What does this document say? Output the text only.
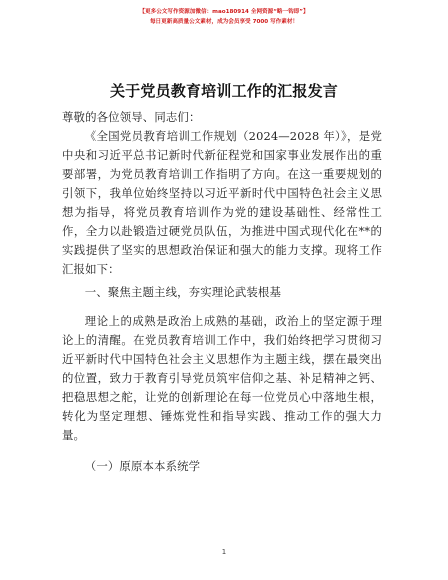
【更多公文写作资源加微信：mao180914 全网资源“略一钩即”】
每日更新高质量公文素材，成为会员享受 7000 写作素材！
关于党员教育培训工作的汇报发言

尊敬的各位领导、同志们：

《全国党员教育培训工作规划（2024—2028 年）》，是党中央和习近平总书记新时代新征程党和国家事业发展作出的重要部署，为党员教育培训工作指明了方向。在这一重要规划的引领下，我单位始终坚持以习近平新时代中国特色社会主义思想为指导，将党员教育培训作为党的建设基础性、经常性工作，全力以赴锻造过硬党员队伍，为推进中国式现代化在**的实践提供了坚实的思想政治保证和强大的能力支撑。现将工作汇报如下：

一、聚焦主题主线，夯实理论武装根基

理论上的成熟是政治上成熟的基础，政治上的坚定源于理论上的清醒。在党员教育培训工作中，我们始终把学习贯彻习近平新时代中国特色社会主义思想作为主题主线，摆在最突出的位置，致力于教育引导党员筑牢信仰之基、补足精神之钙、把稳思想之舵，让党的创新理论在每一位党员心中落地生根，转化为坚定理想、锤炼党性和指导实践、推动工作的强大力量。

（一）原原本本系统学

1
